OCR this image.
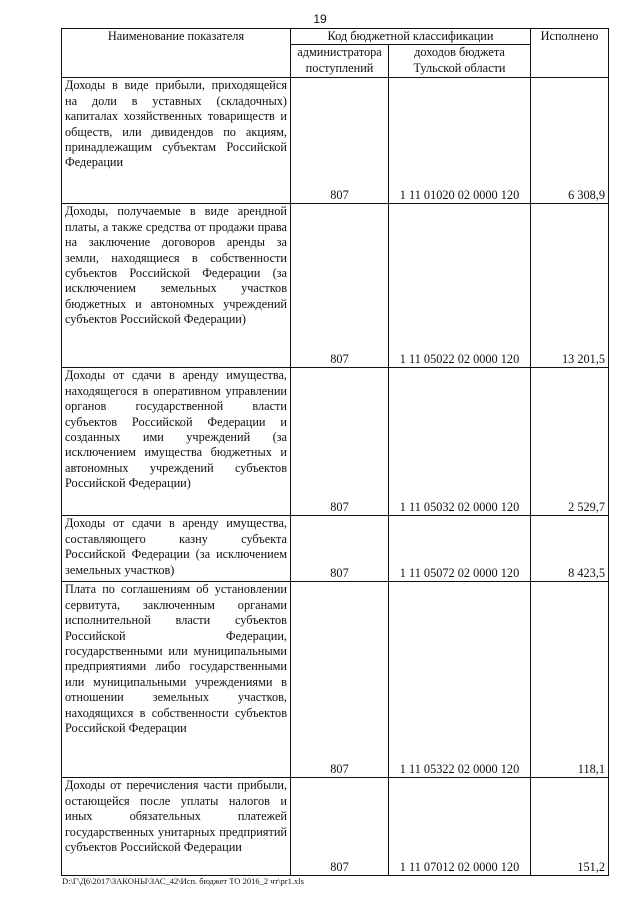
19
Наименование показателя	Код бюджетной классификации		Исполнено
	администратора поступлений	доходов бюджета Тульской области	
Доходы в виде прибыли, приходящейся на доли в уставных (складочных) капиталах хозяйственных товариществ и обществ, или дивидендов по акциям, принадлежащим субъектам Российской Федерации	807	1 11 01020 02 0000 120	6 308,9
Доходы, получаемые в виде арендной платы, а также средства от продажи права на заключение договоров аренды за земли, находящиеся в собственности субъектов Российской Федерации (за исключением земельных участков бюджетных и автономных учреждений субъектов Российской Федерации)	807	1 11 05022 02 0000 120	13 201,5
Доходы от сдачи в аренду имущества, находящегося в оперативном управлении органов государственной власти субъектов Российской Федерации и созданных ими учреждений (за исключением имущества бюджетных и автономных учреждений субъектов Российской Федерации)	807	1 11 05032 02 0000 120	2 529,7
Доходы от сдачи в аренду имущества, составляющего казну субъекта Российской Федерации (за исключением земельных участков)	807	1 11 05072 02 0000 120	8 423,5
Плата по соглашениям об установлении сервитута, заключенным органами исполнительной власти субъектов Российской Федерации, государственными или муниципальными предприятиями либо государственными или муниципальными учреждениями в отношении земельных участков, находящихся в собственности субъектов Российской Федерации	807	1 11 05322 02 0000 120	118,1
Доходы от перечисления части прибыли, остающейся после уплаты налогов и иных обязательных платежей государственных унитарных предприятий субъектов Российской Федерации	807	1 11 07012 02 0000 120	151,2
D:\Г\Д6\2017\ЗАКОНЫ\ЗАС_42\Исп. бюджет ТО 2016_2 чт\pr1.xls
